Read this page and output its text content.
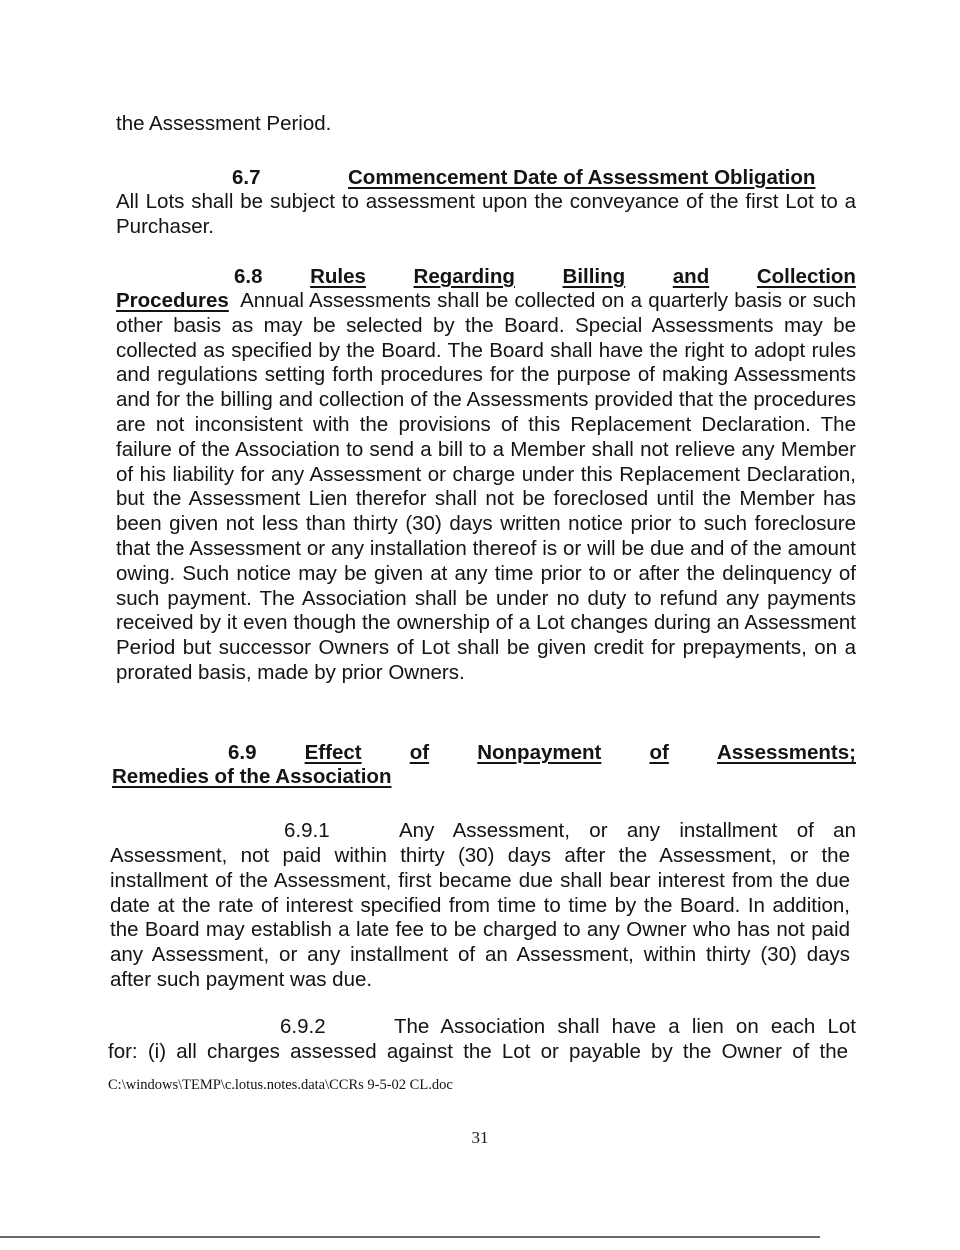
the Assessment Period.

6.7	Commencement Date of Assessment Obligation

All Lots shall be subject to assessment upon the conveyance of the first Lot to a Purchaser.

6.8 Rules Regarding Billing and Collection

Procedures Annual Assessments shall be collected on a quarterly basis or such other basis as may be selected by the Board. Special Assessments may be collected as specified by the Board. The Board shall have the right to adopt rules and regulations setting forth procedures for the purpose of making Assessments and for the billing and collection of the Assessments provided that the procedures are not inconsistent with the provisions of this Replacement Declaration. The failure of the Association to send a bill to a Member shall not relieve any Member of his liability for any Assessment or charge under this Replacement Declaration, but the Assessment Lien therefor shall not be foreclosed until the Member has been given not less than thirty (30) days written notice prior to such foreclosure that the Assessment or any installation thereof is or will be due and of the amount owing. Such notice may be given at any time prior to or after the delinquency of such payment. The Association shall be under no duty to refund any payments received by it even though the ownership of a Lot changes during an Assessment Period but successor Owners of Lot shall be given credit for prepayments, on a prorated basis, made by prior Owners.

6.9 Effect of Nonpayment of Assessments;
Remedies of the Association
6.9.1	Any Assessment, or any installment of an

Assessment, not paid within thirty (30) days after the Assessment, or the installment of the Assessment, first became due shall bear interest from the due date at the rate of interest specified from time to time by the Board. In addition, the Board may establish a late fee to be charged to any Owner who has not paid any Assessment, or any installment of an Assessment, within thirty (30) days after such payment was due.

6.9.2	The Association shall have a lien on each Lot

for: (i) all charges assessed against the Lot or payable by the Owner of the

C:\windows\TEMP\c.lotus.notes.data\CCRs 9-5-02 CL.doc
31
